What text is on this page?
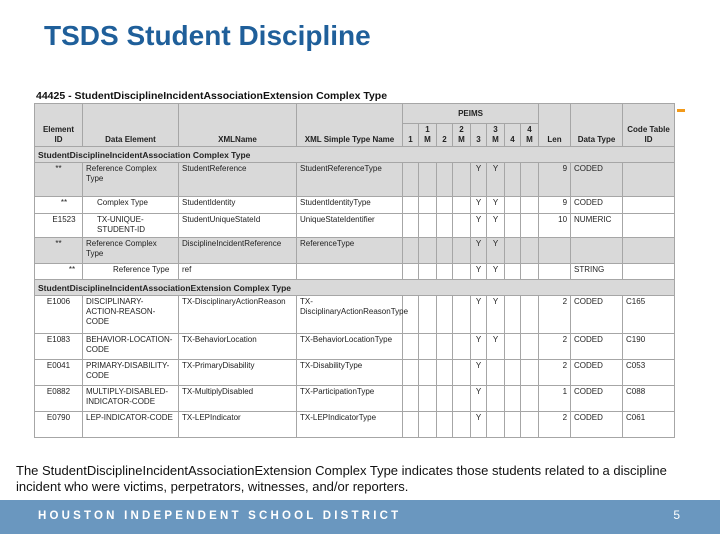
TSDS Student Discipline
44425 - StudentDisciplineIncidentAssociationExtension Complex Type
Element ID	Data Element	XMLName	XML Simple Type Name	PEIMS								Len	Data Type	Code Table ID
				1	1 M	2	2 M	3	3 M	4	4 M			
StudentDisciplineIncidentAssociation Complex Type														
**	Reference Complex Type	StudentReference	StudentReferenceType					Y	Y			9	CODED	
**	Complex Type	StudentIdentity	StudentIdentityType					Y	Y			9	CODED	
E1523	TX-UNIQUE-STUDENT-ID	StudentUniqueStateId	UniqueStateIdentifier					Y	Y			10	NUMERIC	
**	Reference Complex Type	DisciplineIncidentReference	ReferenceType					Y	Y					
**	Reference Type	ref						Y	Y				STRING	
StudentDisciplineIncidentAssociationExtension Complex Type														
E1006	DISCIPLINARY-ACTION-REASON-CODE	TX-DisciplinaryActionReason	TX-DisciplinaryActionReasonType					Y	Y			2	CODED	C165
E1083	BEHAVIOR-LOCATION-CODE	TX-BehaviorLocation	TX-BehaviorLocationType					Y	Y			2	CODED	C190
E0041	PRIMARY-DISABILITY-CODE	TX-PrimaryDisability	TX-DisabilityType					Y				2	CODED	C053
E0882	MULTIPLY-DISABLED-INDICATOR-CODE	TX-MultiplyDisabled	TX-ParticipationType					Y				1	CODED	C088
E0790	LEP-INDICATOR-CODE	TX-LEPIndicator	TX-LEPIndicatorType					Y				2	CODED	C061
The StudentDisciplineIncidentAssociationExtension Complex Type indicates those students related to a discipline incident who were victims, perpetrators, witnesses, and/or reporters.
HOUSTON INDEPENDENT SCHOOL DISTRICT	5
